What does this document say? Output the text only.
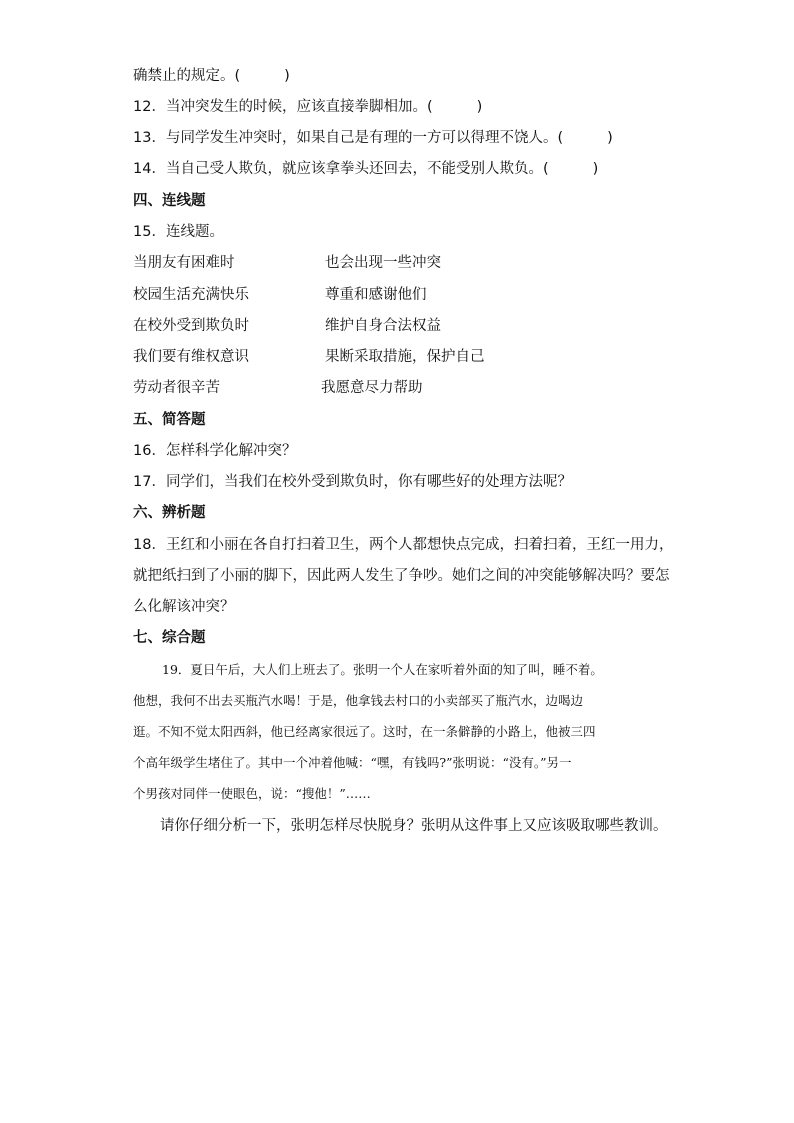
确禁止的规定。(	)
12．当冲突发生的时候，应该直接拳脚相加。(	)
13．与同学发生冲突时，如果自己是有理的一方可以得理不饶人。(	)
14．当自己受人欺负，就应该拿拳头还回去，不能受别人欺负。(	)
四、连线题
15．连线题。
当朋友有困难时	也会出现一些冲突
校园生活充满快乐	尊重和感谢他们
在校外受到欺负时	维护自身合法权益
我们要有维权意识	果断采取措施，保护自己
劳动者很辛苦	我愿意尽力帮助
五、简答题
16．怎样科学化解冲突？
17．同学们，当我们在校外受到欺负时，你有哪些好的处理方法呢？
六、辨析题
18．王红和小丽在各自打扫着卫生，两个人都想快点完成，扫着扫着，王红一用力，
就把纸扫到了小丽的脚下，因此两人发生了争吵。她们之间的冲突能够解决吗？要怎
么化解该冲突？
七、综合题
19．夏日午后，大人们上班去了。张明一个人在家听着外面的知了叫，睡不着。
他想，我何不出去买瓶汽水喝！于是，他拿钱去村口的小卖部买了瓶汽水，边喝边
逛。不知不觉太阳西斜，他已经离家很远了。这时，在一条僻静的小路上，他被三四
个高年级学生堵住了。其中一个冲着他喊：“嘿，有钱吗?”张明说：“没有。”另一
个男孩对同伴一使眼色，说：“搜他！”……
请你仔细分析一下，张明怎样尽快脱身？张明从这件事上又应该吸取哪些教训。
